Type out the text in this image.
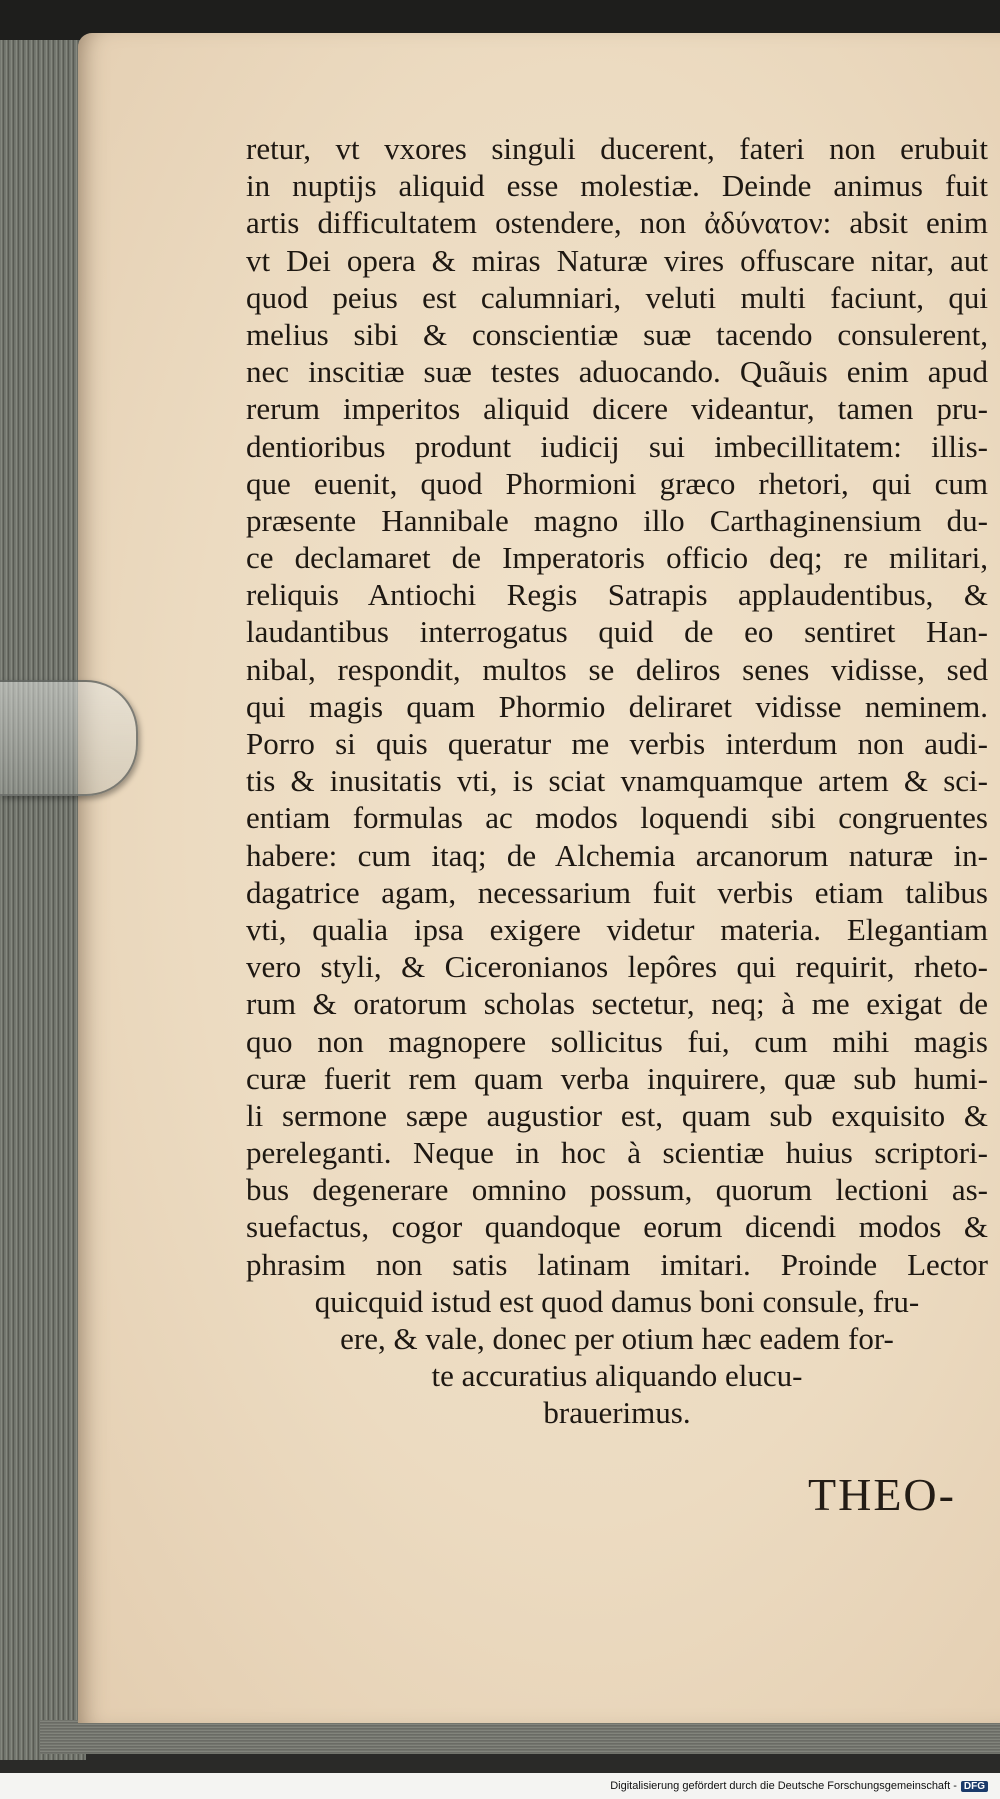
retur, vt vxores singuli ducerent, fateri non erubuit
in nuptijs aliquid esse molestiæ. Deinde animus fuit
artis difficultatem ostendere, non ἀδύνατον: absit enim
vt Dei opera & miras Naturæ vires offuscare nitar, aut
quod peius est calumniari, veluti multi faciunt, qui
melius sibi & conscientiæ suæ tacendo consulerent,
nec inscitiæ suæ testes aduocando. Quãuis enim apud
rerum imperitos aliquid dicere videantur, tamen pru-
dentioribus produnt iudicij sui imbecillitatem: illis-
que euenit, quod Phormioni græco rhetori, qui cum
præsente Hannibale magno illo Carthaginensium du-
ce declamaret de Imperatoris officio deq; re militari,
reliquis Antiochi Regis Satrapis applaudentibus, &
laudantibus interrogatus quid de eo sentiret Han-
nibal, respondit, multos se deliros senes vidisse, sed
qui magis quam Phormio deliraret vidisse neminem.
Porro si quis queratur me verbis interdum non audi-
tis & inusitatis vti, is sciat vnamquamque artem & sci-
entiam formulas ac modos loquendi sibi congruentes
habere: cum itaq; de Alchemia arcanorum naturæ in-
dagatrice agam, necessarium fuit verbis etiam talibus
vti, qualia ipsa exigere videtur materia. Elegantiam
vero styli, & Ciceronianos lepôres qui requirit, rheto-
rum & oratorum scholas sectetur, neq; à me exigat de
quo non magnopere sollicitus fui, cum mihi magis
curæ fuerit rem quam verba inquirere, quæ sub humi-
li sermone sæpe augustior est, quam sub exquisito &
pereleganti. Neque in hoc à scientiæ huius scriptori-
bus degenerare omnino possum, quorum lectioni as-
suefactus, cogor quandoque eorum dicendi modos &
phrasim non satis latinam imitari. Proinde Lector
quicquid istud est quod damus boni consule, fru-
ere, & vale, donec per otium hæc eadem for-
te accuratius aliquando elucu-
brauerimus.
THEO-
Digitalisierung gefördert durch die Deutsche Forschungsgemeinschaft - DFG
